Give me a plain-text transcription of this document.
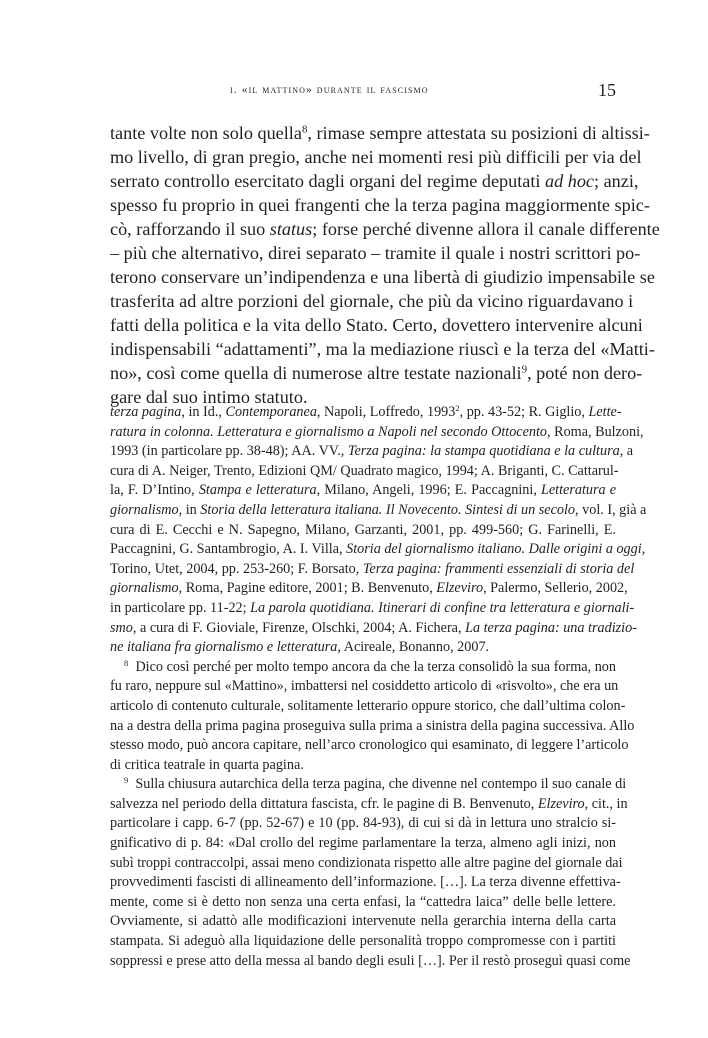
i. «il mattino» durante il fascismo	15
tante volte non solo quella$^8$, rimase sempre attestata su posizioni di altissi-
mo livello, di gran pregio, anche nei momenti resi più difficili per via del
serrato controllo esercitato dagli organi del regime deputati ad hoc; anzi,
spesso fu proprio in quei frangenti che la terza pagina maggiormente spic-
cò, rafforzando il suo status; forse perché divenne allora il canale differente
– più che alternativo, direi separato – tramite il quale i nostri scrittori po-
terono conservare un’indipendenza e una libertà di giudizio impensabile se
trasferita ad altre porzioni del giornale, che più da vicino riguardavano i
fatti della politica e la vita dello Stato. Certo, dovettero intervenire alcuni
indispensabili “adattamenti”, ma la mediazione riuscì e la terza del «Matti-
no», così come quella di numerose altre testate nazionali$^9$, poté non dero-
gare dal suo intimo statuto.
terza pagina, in Id., Contemporanea, Napoli, Loffredo, 1993$^2$, pp. 43-52; R. Giglio, Lette-
ratura in colonna. Letteratura e giornalismo a Napoli nel secondo Ottocento, Roma, Bulzoni,
1993 (in particolare pp. 38-48); AA. VV., Terza pagina: la stampa quotidiana e la cultura, a
cura di A. Neiger, Trento, Edizioni QM/ Quadrato magico, 1994; A. Briganti, C. Cattarul-
la, F. D’Intino, Stampa e letteratura, Milano, Angeli, 1996; E. Paccagnini, Letteratura e
giornalismo, in Storia della letteratura italiana. Il Novecento. Sintesi di un secolo, vol. I, già a
cura di E. Cecchi e N. Sapegno, Milano, Garzanti, 2001, pp. 499-560; G. Farinelli, E.
Paccagnini, G. Santambrogio, A. I. Villa, Storia del giornalismo italiano. Dalle origini a oggi,
Torino, Utet, 2004, pp. 253-260; F. Borsato, Terza pagina: frammenti essenziali di storia del
giornalismo, Roma, Pagine editore, 2001; B. Benvenuto, Elzeviro, Palermo, Sellerio, 2002,
in particolare pp. 11-22; La parola quotidiana. Itinerari di confine tra letteratura e giornali-
smo, a cura di F. Gioviale, Firenze, Olschki, 2004; A. Fichera, La terza pagina: una tradizio-
ne italiana fra giornalismo e letteratura, Acireale, Bonanno, 2007.
$^8$  Dico così perché per molto tempo ancora da che la terza consolidò la sua forma, non
fu raro, neppure sul «Mattino», imbattersi nel cosiddetto articolo di «risvolto», che era un
articolo di contenuto culturale, solitamente letterario oppure storico, che dall’ultima colon-
na a destra della prima pagina proseguiva sulla prima a sinistra della pagina successiva. Allo
stesso modo, può ancora capitare, nell’arco cronologico qui esaminato, di leggere l’articolo
di critica teatrale in quarta pagina.
$^9$  Sulla chiusura autarchica della terza pagina, che divenne nel contempo il suo canale di
salvezza nel periodo della dittatura fascista, cfr. le pagine di B. Benvenuto, Elzeviro, cit., in
particolare i capp. 6-7 (pp. 52-67) e 10 (pp. 84-93), di cui si dà in lettura uno stralcio si-
gnificativo di p. 84: «Dal crollo del regime parlamentare la terza, almeno agli inizi, non
subì troppi contraccolpi, assai meno condizionata rispetto alle altre pagine del giornale dai
provvedimenti fascisti di allineamento dell’informazione. […]. La terza divenne effettiva-
mente, come si è detto non senza una certa enfasi, la “cattedra laica” delle belle lettere.
Ovviamente, si adattò alle modificazioni intervenute nella gerarchia interna della carta
stampata. Si adeguò alla liquidazione delle personalità troppo compromesse con i partiti
soppressi e prese atto della messa al bando degli esuli […]. Per il restò proseguì quasi come
